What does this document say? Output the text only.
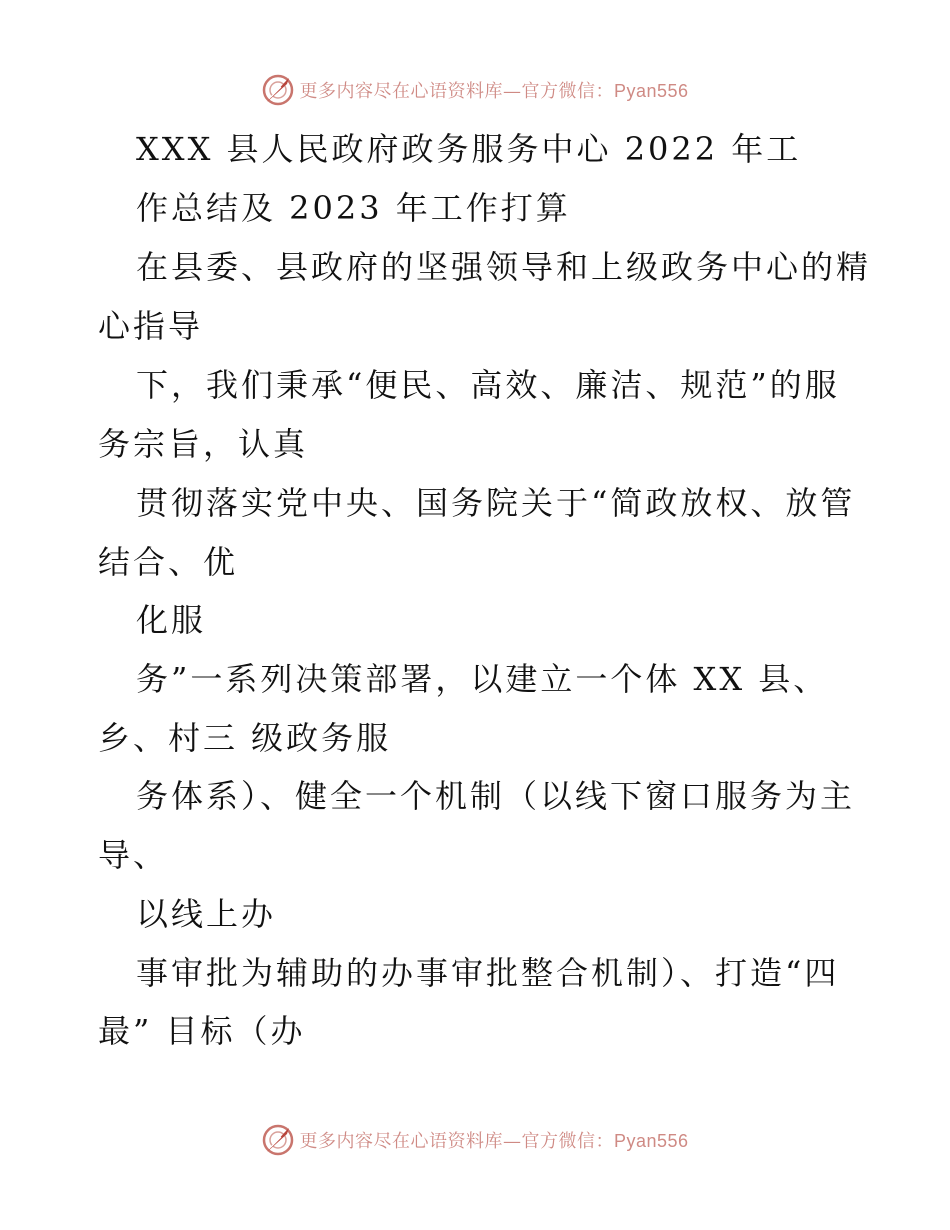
更多内容尽在心语资料库—官方微信：Pyan556
XXX 县人民政府政务服务中心 2022 年工
作总结及 2023 年工作打算
在县委、县政府的坚强领导和上级政务中心的精
心指导
下，我们秉承“便民、高效、廉洁、规范”的服
务宗旨，认真
贯彻落实党中央、国务院关于“简政放权、放管
结合、优
化服
务”一系列决策部署，以建立一个体 XX 县、
乡、村三 级政务服
务体系）、健全一个机制（以线下窗口服务为主
导、
以线上办
事审批为辅助的办事审批整合机制）、打造“四
最” 目标（办
更多内容尽在心语资料库—官方微信：Pyan556
